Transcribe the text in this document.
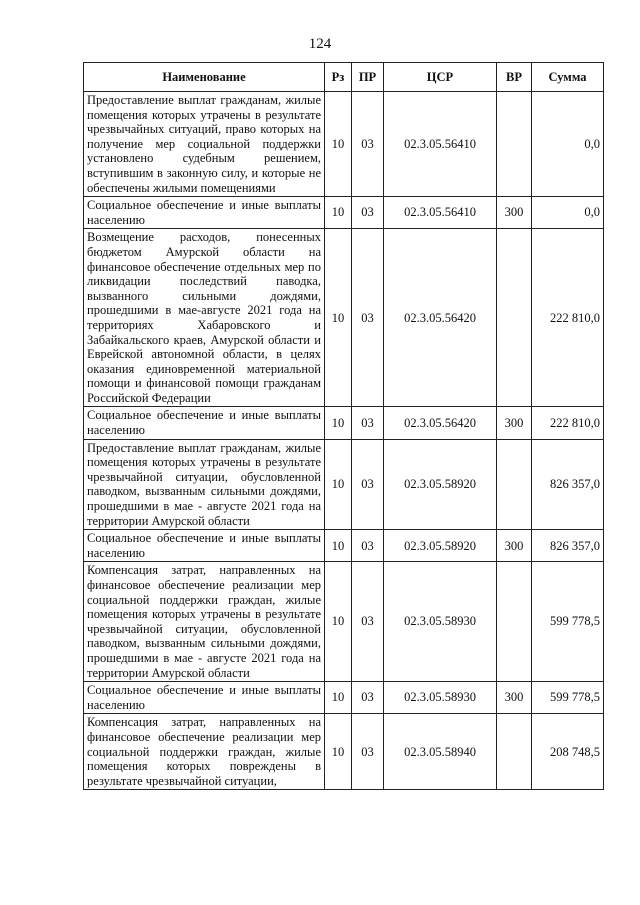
124
Наименование	Рз	ПР	ЦСР	ВР	Сумма
Предоставление выплат гражданам, жилые помещения которых утрачены в результате чрезвычайных ситуаций, право которых на получение мер социальной поддержки установлено судебным решением, вступившим в законную силу, и которые не обеспечены жилыми помещениями	10	03	02.3.05.56410		0,0
Социальное обеспечение и иные выплаты населению	10	03	02.3.05.56410	300	0,0
Возмещение расходов, понесенных бюджетом Амурской области на финансовое обеспечение отдельных мер по ликвидации последствий паводка, вызванного сильными дождями, прошедшими в мае-августе 2021 года на территориях Хабаровского и Забайкальского краев, Амурской области и Еврейской автономной области, в целях оказания единовременной материальной помощи и финансовой помощи гражданам Российской Федерации	10	03	02.3.05.56420		222 810,0
Социальное обеспечение и иные выплаты населению	10	03	02.3.05.56420	300	222 810,0
Предоставление выплат гражданам, жилые помещения которых утрачены в результате чрезвычайной ситуации, обусловленной паводком, вызванным сильными дождями, прошедшими в мае - августе 2021 года на территории Амурской области	10	03	02.3.05.58920		826 357,0
Социальное обеспечение и иные выплаты населению	10	03	02.3.05.58920	300	826 357,0
Компенсация затрат, направленных на финансовое обеспечение реализации мер социальной поддержки граждан, жилые помещения которых утрачены в результате чрезвычайной ситуации, обусловленной паводком, вызванным сильными дождями, прошедшими в мае - августе 2021 года на территории Амурской области	10	03	02.3.05.58930		599 778,5
Социальное обеспечение и иные выплаты населению	10	03	02.3.05.58930	300	599 778,5
Компенсация затрат, направленных на финансовое обеспечение реализации мер социальной поддержки граждан, жилые помещения которых повреждены в результате чрезвычайной ситуации,	10	03	02.3.05.58940		208 748,5
